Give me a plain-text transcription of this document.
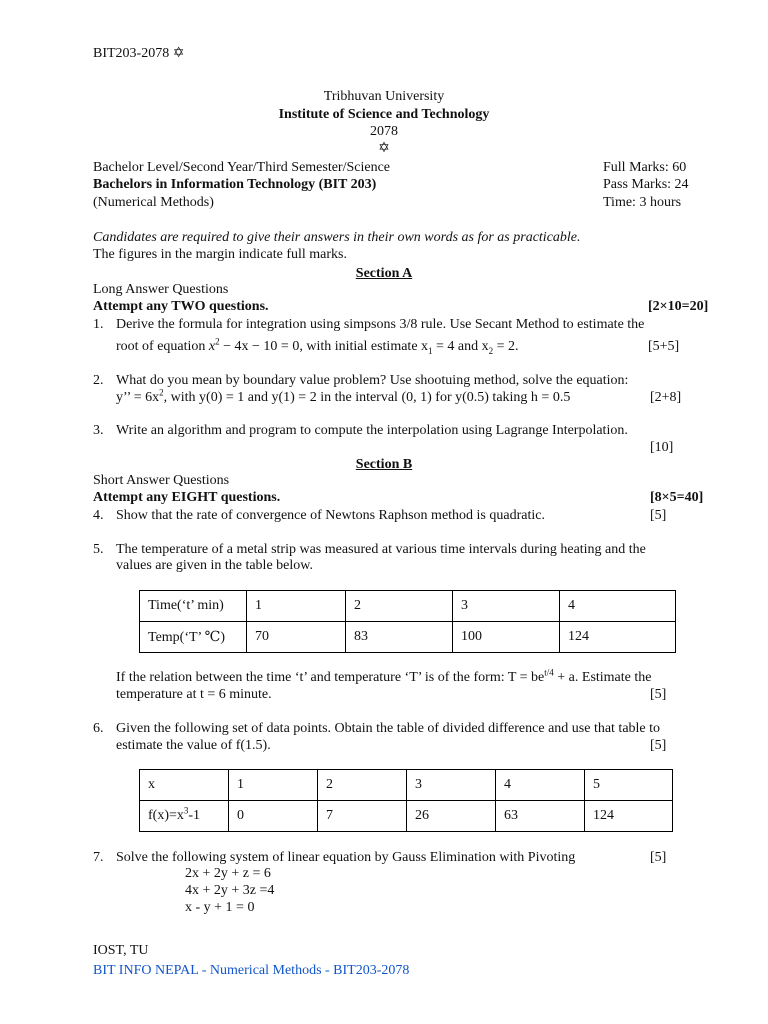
BIT203-2078 ✡
Tribhuvan University
Institute of Science and Technology
2078
✡
Bachelor Level/Second Year/Third Semester/Science
Bachelors in Information Technology (BIT 203)
(Numerical Methods)
Full Marks: 60
Pass Marks: 24
Time: 3 hours
Candidates are required to give their answers in their own words as for as practicable.
The figures in the margin indicate full marks.
Section A
Long Answer Questions
Attempt any TWO questions.	[2×10=20]
1. Derive the formula for integration using simpsons 3/8 rule. Use Secant Method to estimate the
root of equation $x^2 - 4x - 10 = 0$, with initial estimate $x_1 = 4$ and $x_2 = 2$.	[5+5]
2. What do you mean by boundary value problem? Use shootuing method, solve the equation:
y’’ = $6x^2$, with y(0) = 1 and y(1) = 2 in the interval (0, 1) for y(0.5) taking h = 0.5	[2+8]
3. Write an algorithm and program to compute the interpolation using Lagrange Interpolation.
[10]
Section B
Short Answer Questions
Attempt any EIGHT questions.	[8×5=40]
4. Show that the rate of convergence of Newtons Raphson method is quadratic.	[5]
5. The temperature of a metal strip was measured at various time intervals during heating and the
values are given in the table below.
Time(‘t’ min)	1	2	3	4
Temp(‘T’ ℃)	70	83	100	124
If the relation between the time ‘t’ and temperature ‘T’ is of the form: $T = be^{t/4} + a$. Estimate the
temperature at t = 6 minute.	[5]
6. Given the following set of data points. Obtain the table of divided difference and use that table to
estimate the value of f(1.5).	[5]
x	1	2	3	4	5
$f(x)=x^3-1$	0	7	26	63	124
7. Solve the following system of linear equation by Gauss Elimination with Pivoting	[5]
2x + 2y + z = 6
4x + 2y + 3z =4
x - y + 1 = 0
IOST, TU
BIT INFO NEPAL - Numerical Methods - BIT203-2078
